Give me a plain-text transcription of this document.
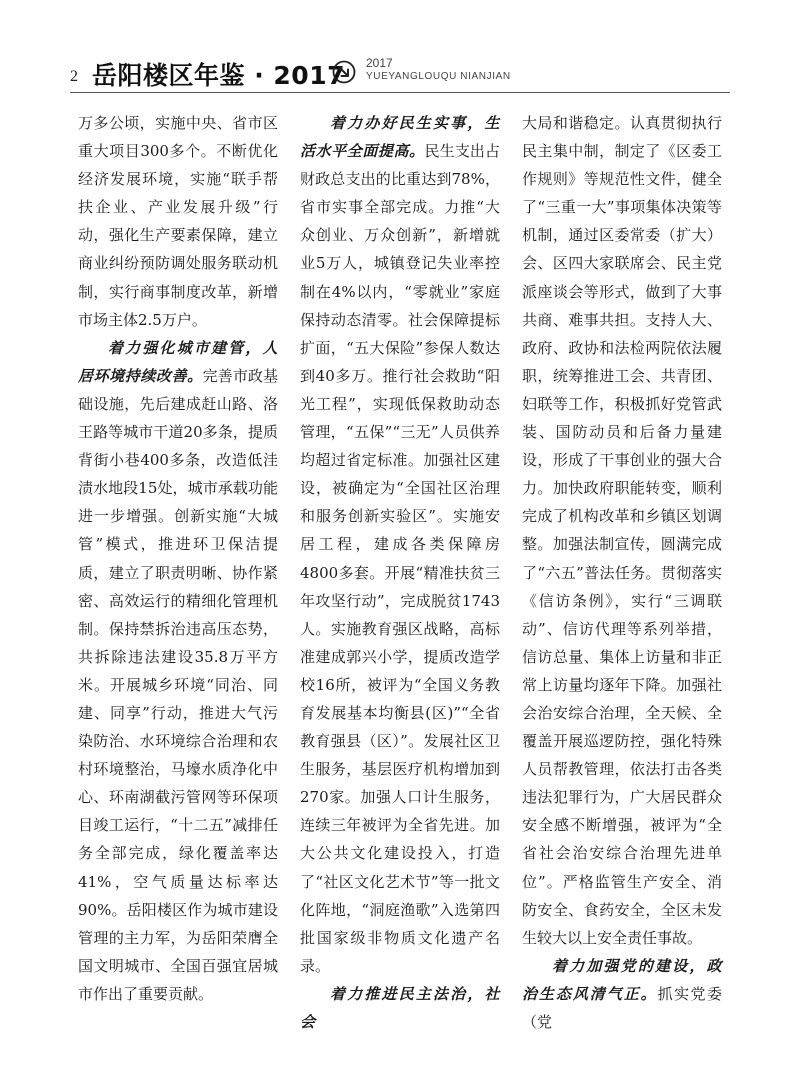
2 岳阳楼区年鉴 · 2017 2017
YUEYANGLOUQU NIANJIAN

万多公顷，实施中央、省市区重大项目300多个。不断优化经济发展环境，实施“联手帮扶企业、产业发展升级”行动，强化生产要素保障，建立商业纠纷预防调处服务联动机制，实行商事制度改革，新增市场主体2.5万户。

着力强化城市建管，人居环境持续改善。完善市政基础设施，先后建成赶山路、洛王路等城市干道20多条，提质背街小巷400多条，改造低洼渍水地段15处，城市承载功能进一步增强。创新实施“大城管”模式，推进环卫保洁提质，建立了职责明晰、协作紧密、高效运行的精细化管理机制。保持禁拆治违高压态势，共拆除违法建设35.8万平方米。开展城乡环境“同治、同建、同享”行动，推进大气污染防治、水环境综合治理和农村环境整治，马壕水质净化中心、环南湖截污管网等环保项目竣工运行，“十二五”减排任务全部完成，绿化覆盖率达41%，空气质量达标率达90%。岳阳楼区作为城市建设管理的主力军，为岳阳荣膺全国文明城市、全国百强宜居城市作出了重要贡献。

着力办好民生实事，生活水平全面提高。民生支出占财政总支出的比重达到78%，省市实事全部完成。力推“大众创业、万众创新”，新增就业5万人，城镇登记失业率控制在4%以内，“零就业”家庭保持动态清零。社会保障提标扩面，“五大保险”参保人数达到40多万。推行社会救助“阳光工程”，实现低保救助动态管理，“五保”“三无”人员供养均超过省定标准。加强社区建设，被确定为“全国社区治理和服务创新实验区”。实施安居工程，建成各类保障房4800多套。开展“精准扶贫三年攻坚行动”，完成脱贫1743人。实施教育强区战略，高标准建成郭兴小学，提质改造学校16所，被评为“全国义务教育发展基本均衡县(区)”“全省教育强县（区）”。发展社区卫生服务，基层医疗机构增加到270家。加强人口计生服务，连续三年被评为全省先进。加大公共文化建设投入，打造了“社区文化艺术节”等一批文化阵地，“洞庭渔歌”入选第四批国家级非物质文化遗产名录。

着力推进民主法治，社会

大局和谐稳定。认真贯彻执行民主集中制，制定了《区委工作规则》等规范性文件，健全了“三重一大”事项集体决策等机制，通过区委常委（扩大）会、区四大家联席会、民主党派座谈会等形式，做到了大事共商、难事共担。支持人大、政府、政协和法检两院依法履职，统筹推进工会、共青团、妇联等工作，积极抓好党管武装、国防动员和后备力量建设，形成了干事创业的强大合力。加快政府职能转变，顺利完成了机构改革和乡镇区划调整。加强法制宣传，圆满完成了“六五”普法任务。贯彻落实《信访条例》，实行“三调联动”、信访代理等系列举措，信访总量、集体上访量和非正常上访量均逐年下降。加强社会治安综合治理，全天候、全覆盖开展巡逻防控，强化特殊人员帮教管理，依法打击各类违法犯罪行为，广大居民群众安全感不断增强，被评为“全省社会治安综合治理先进单位”。严格监管生产安全、消防安全、食药安全，全区未发生较大以上安全责任事故。

着力加强党的建设，政治生态风清气正。抓实党委（党
